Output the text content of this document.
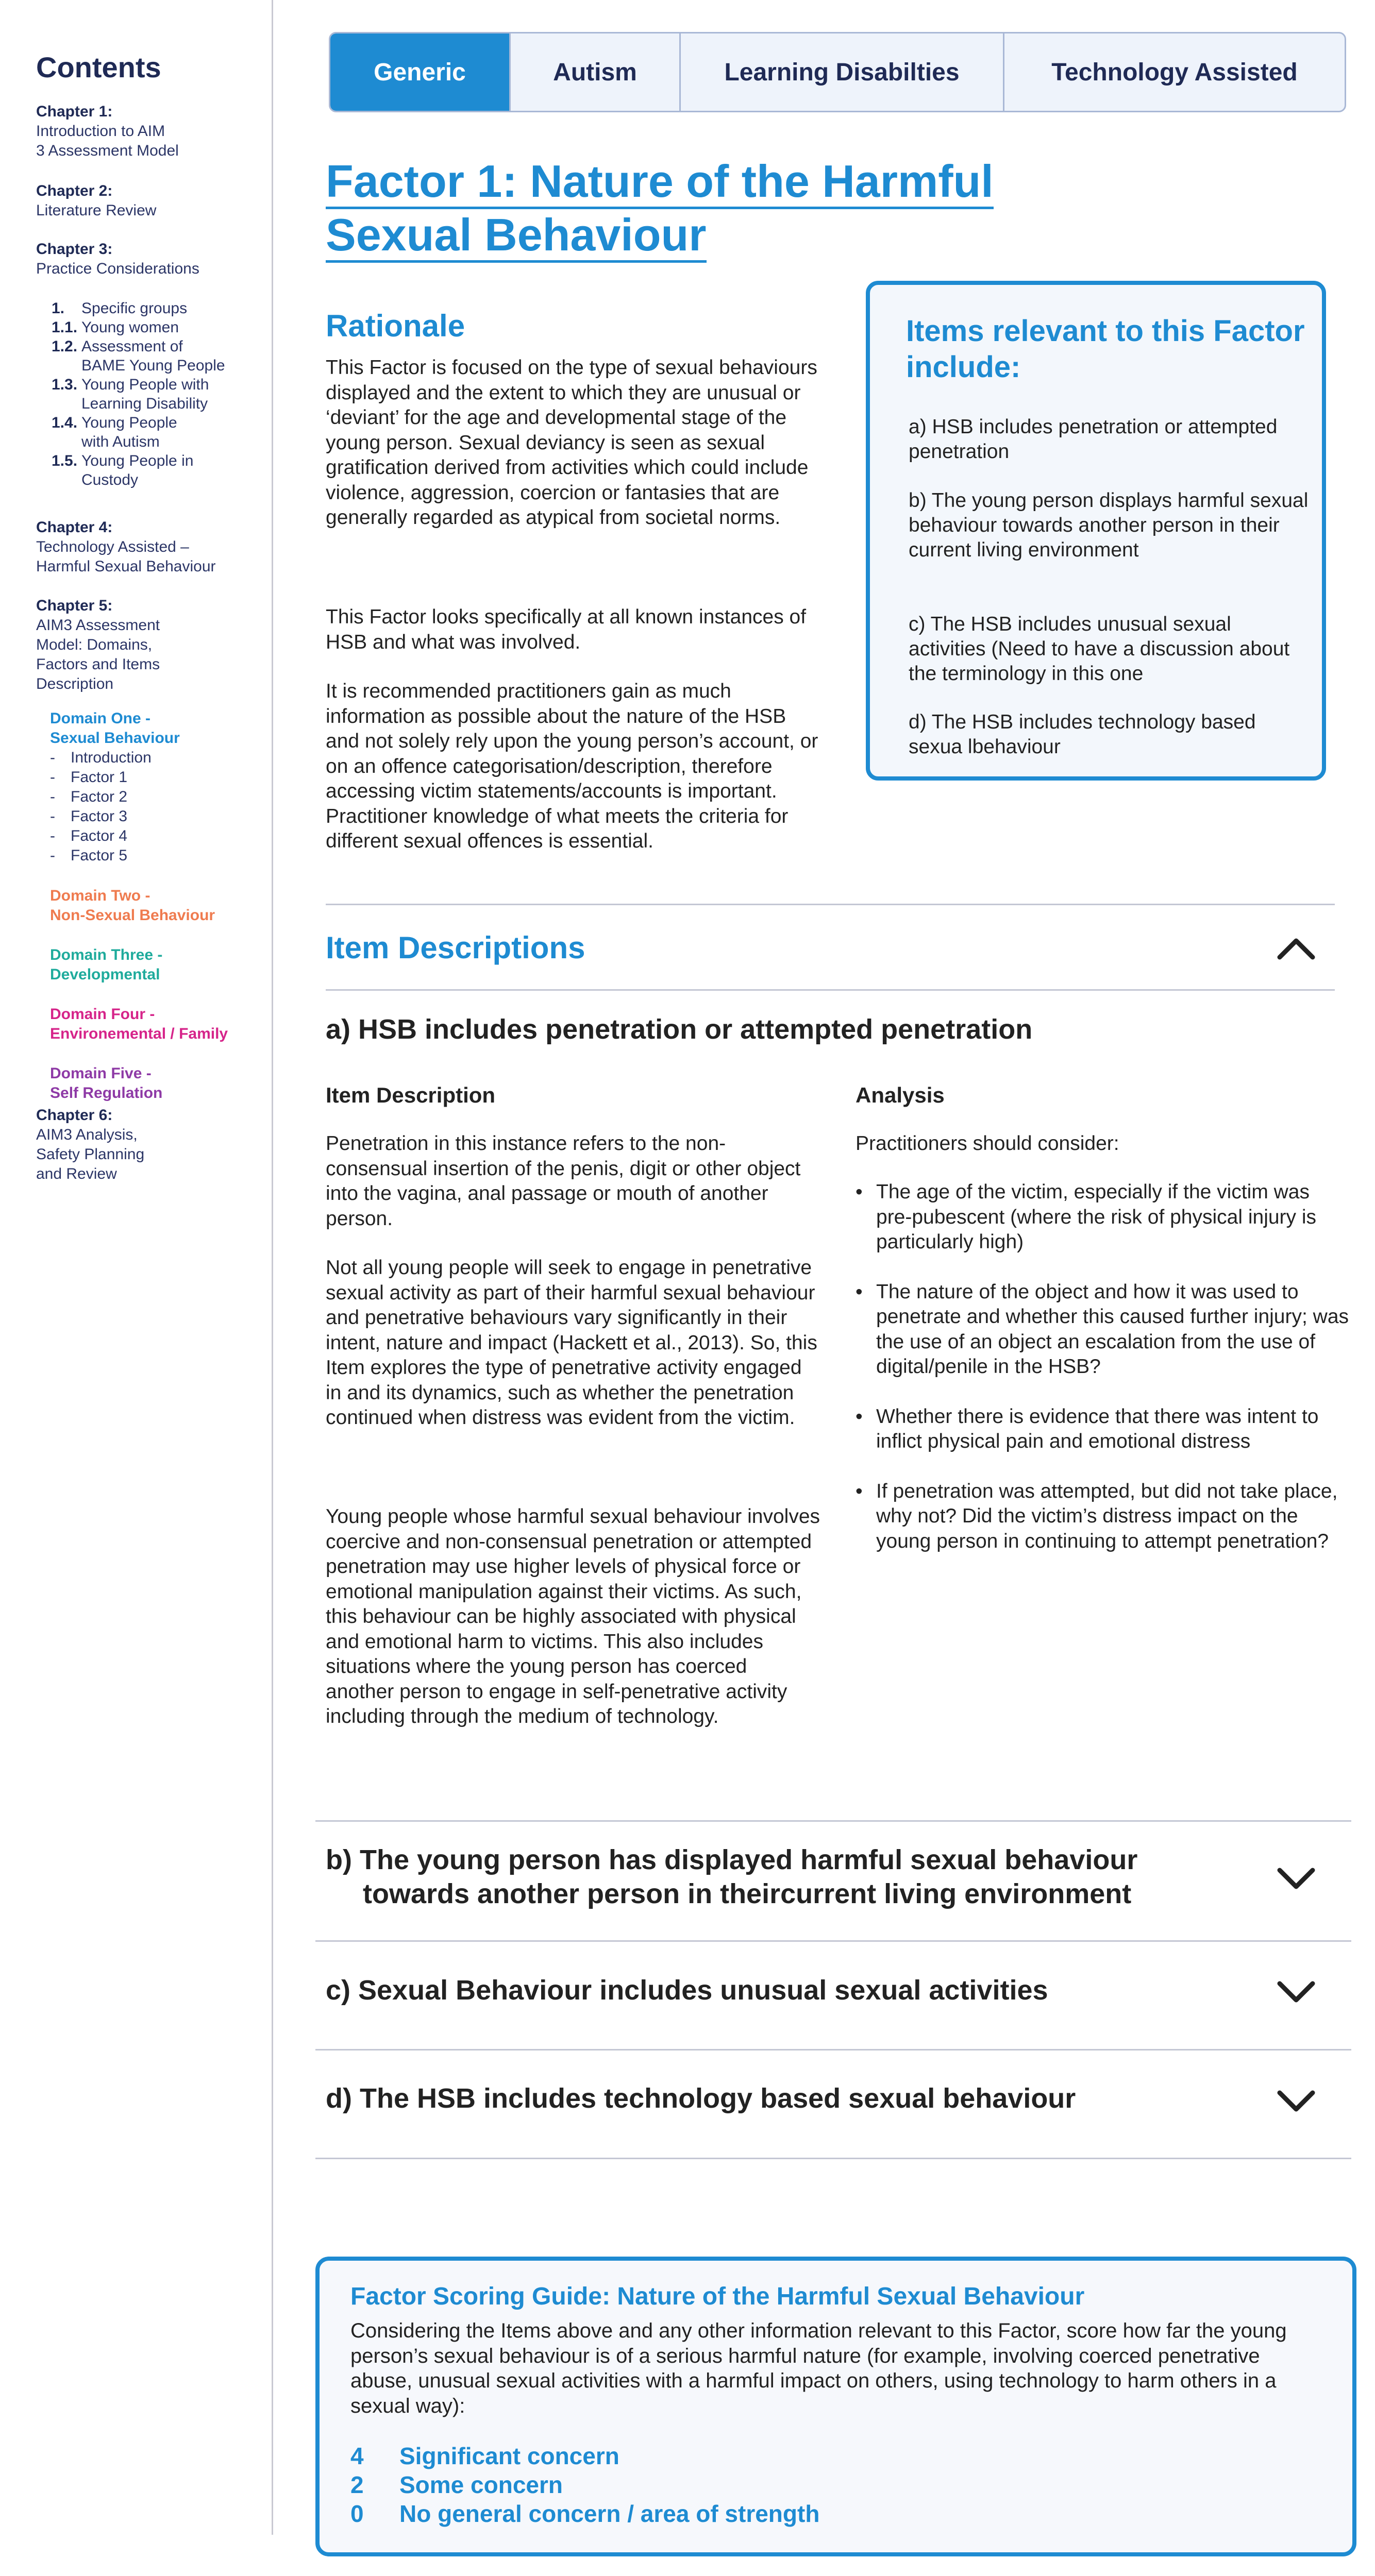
Contents
Chapter 1:
Introduction to AIM
3 Assessment Model
Chapter 2:
Literature Review
Chapter 3:
Practice Considerations
1.	Specific groups
1.1. Young women
1.2. Assessment of
BAME Young People
1.3. Young People with
Learning Disability
1.4. Young People
with Autism
1.5. Young People in
Custody
Chapter 4:
Technology Assisted –
Harmful Sexual Behaviour
Chapter 5:
AIM3 Assessment
Model: Domains,
Factors and Items
Description
Domain One -
Sexual Behaviour
- Introduction
- Factor 1
- Factor 2
- Factor 3
- Factor 4
- Factor 5
Domain Two -
Non-Sexual Behaviour
Domain Three -
Developmental
Domain Four -
Environemental / Family
Domain Five -
Self Regulation
Chapter 6:
AIM3 Analysis,
Safety Planning
and Review
Generic	Autism	Learning Disabilties	Technology Assisted
Factor 1: Nature of the Harmful
Sexual Behaviour
Rationale
This Factor is focused on the type of sexual behaviours displayed and the extent to which they are unusual or ‘deviant’ for the age and developmental stage of the young person. Sexual deviancy is seen as sexual gratification derived from activities which could include violence, aggression, coercion or fantasies that are generally regarded as atypical from societal norms.
This Factor looks specifically at all known instances of HSB and what was involved.
It is recommended practitioners gain as much information as possible about the nature of the HSB and not solely rely upon the young person’s account, or on an offence categorisation/description, therefore accessing victim statements/accounts is important. Practitioner knowledge of what meets the criteria for different sexual offences is essential.
Items relevant to this Factor include:
a) HSB includes penetration or attempted penetration
b) The young person displays harmful sexual behaviour towards another person in their current living environment
c) The HSB includes unusual sexual activities (Need to have a discussion about the terminology in this one
d) The HSB includes technology based sexua lbehaviour
Item Descriptions
a) HSB includes penetration or attempted penetration
Item Description
Penetration in this instance refers to the non-consensual insertion of the penis, digit or other object into the vagina, anal passage or mouth of another person.
Not all young people will seek to engage in penetrative sexual activity as part of their harmful sexual behaviour and penetrative behaviours vary significantly in their intent, nature and impact (Hackett et al., 2013). So, this Item explores the type of penetrative activity engaged in and its dynamics, such as whether the penetration continued when distress was evident from the victim.
Young people whose harmful sexual behaviour involves coercive and non-consensual penetration or attempted penetration may use higher levels of physical force or emotional manipulation against their victims. As such, this behaviour can be highly associated with physical and emotional harm to victims. This also includes situations where the young person has coerced another person to engage in self-penetrative activity including through the medium of technology.
Analysis
Practitioners should consider:
• The age of the victim, especially if the victim was pre-pubescent (where the risk of physical injury is particularly high)
• The nature of the object and how it was used to penetrate and whether this caused further injury; was the use of an object an escalation from the use of digital/penile in the HSB?
• Whether there is evidence that there was intent to inflict physical pain and emotional distress
• If penetration was attempted, but did not take place, why not? Did the victim’s distress impact on the young person in continuing to attempt penetration?
b) The young person has displayed harmful sexual behaviour
towards another person in theircurrent living environment
c) Sexual Behaviour includes unusual sexual activities
d) The HSB includes technology based sexual behaviour
Factor Scoring Guide: Nature of the Harmful Sexual Behaviour
Considering the Items above and any other information relevant to this Factor, score how far the young person’s sexual behaviour is of a serious harmful nature (for example, involving coerced penetrative abuse, unusual sexual activities with a harmful impact on others, using technology to harm others in a sexual way):
4 Significant concern
2 Some concern
0 No general concern / area of strength
